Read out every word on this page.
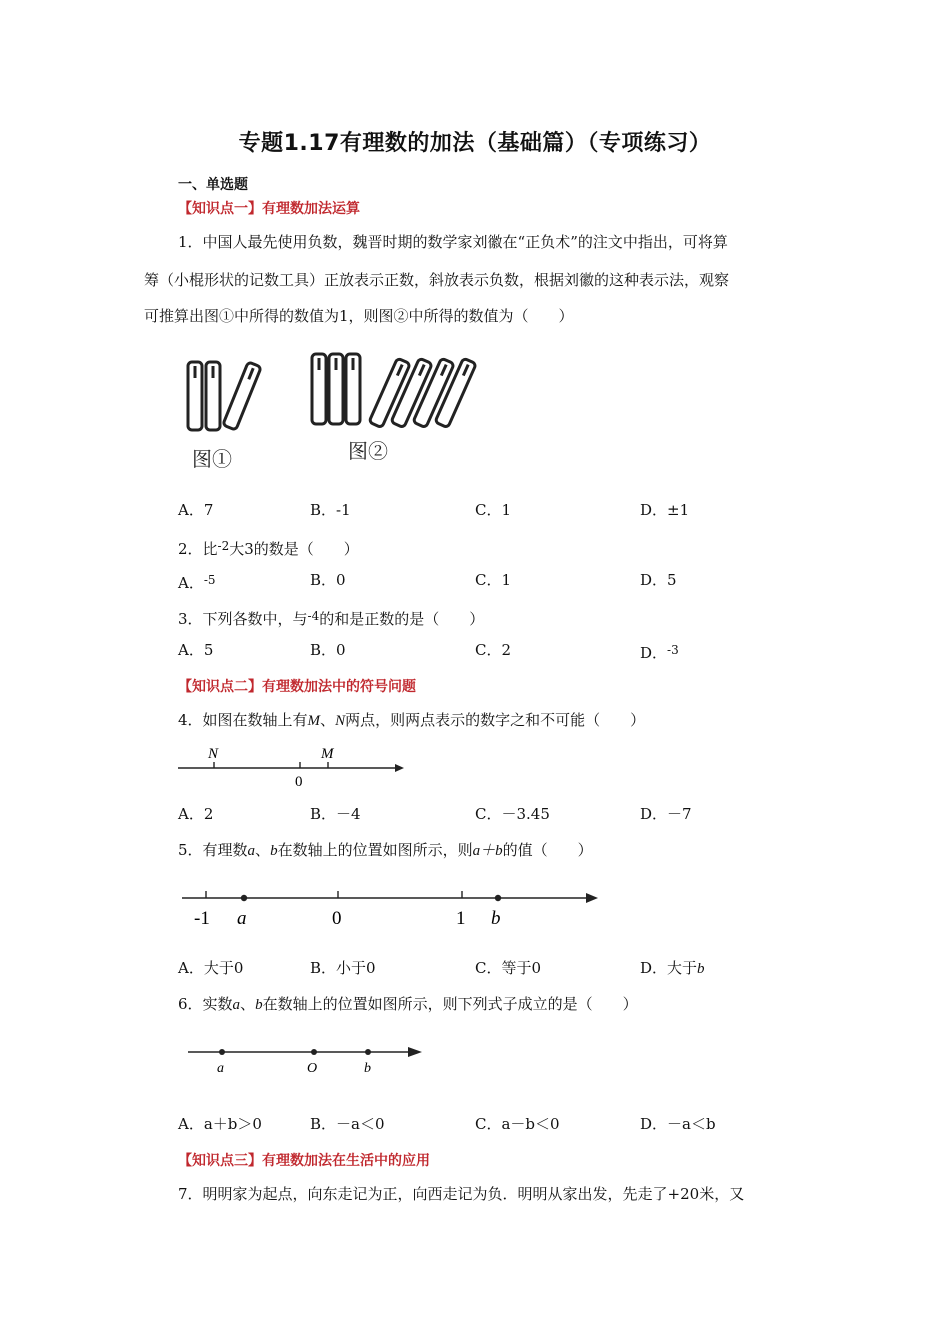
专题1.17有理数的加法（基础篇）（专项练习）
一、单选题
【知识点一】有理数加法运算
1．中国人最先使用负数，魏晋时期的数学家刘徽在“正负术”的注文中指出，可将算
筹（小棍形状的记数工具）正放表示正数，斜放表示负数，根据刘徽的这种表示法，观察
可推算出图①中所得的数值为1，则图②中所得的数值为（　　）
图①	图②
A．7	B．-1	C．1	D．±1
2．比$^{-2}$大3的数是（　　）
A．$^{-5}$	B．0	C．1	D．5
3．下列各数中，与$^{-4}$的和是正数的是（　　）
A．5	B．0	C．2	D．$^{-3}$
【知识点二】有理数加法中的符号问题
4．如图在数轴上有M、N两点，则两点表示的数字之和不可能（　　）
N	M
0
A．2	B．－4	C．－3.45	D．－7
5．有理数a、b在数轴上的位置如图所示，则a＋b的值（　　）
-1 a	0	1 b
A．大于0	B．小于0	C．等于0	D．大于b
6．实数a、b在数轴上的位置如图所示，则下列式子成立的是（　　）
a	O	b
A．a＋b＞0	B．－a＜0	C．a－b＜0	D．－a＜b
【知识点三】有理数加法在生活中的应用
7．明明家为起点，向东走记为正，向西走记为负．明明从家出发，先走了+20米，又
